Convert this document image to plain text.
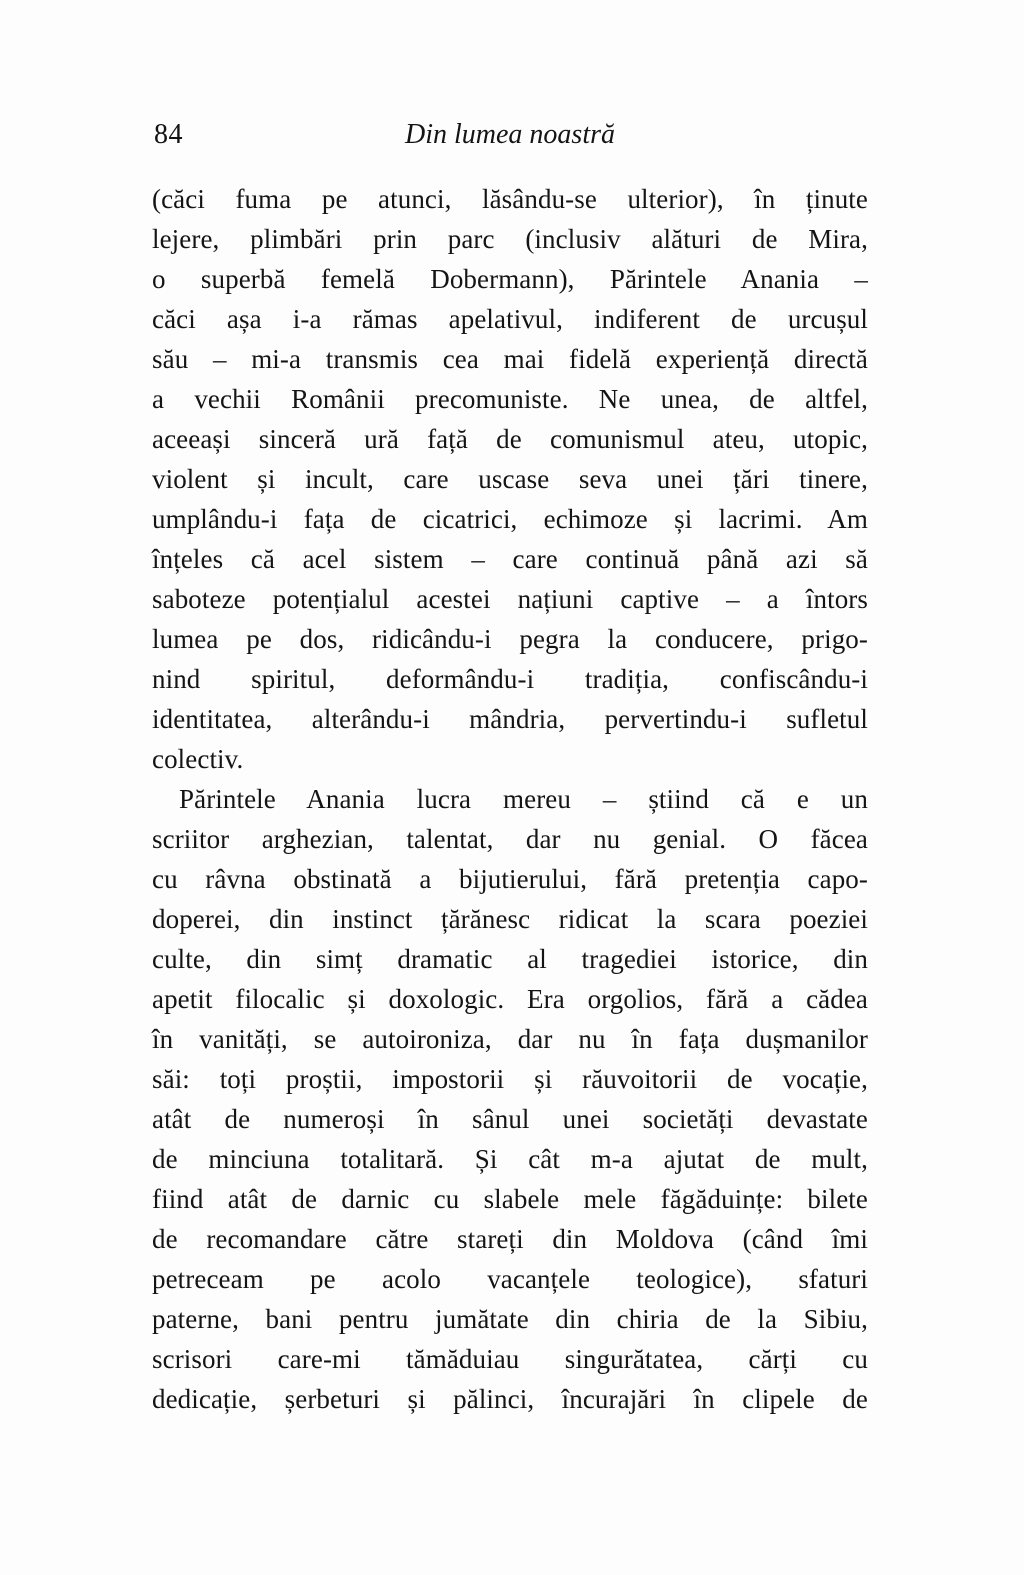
84	Din lumea noastră
(căci fuma pe atunci, lăsându-se ulterior), în ținute
lejere, plimbări prin parc (inclusiv alături de Mira,
o superbă femelă Dobermann), Părintele Anania –
căci așa i-a rămas apelativul, indiferent de urcușul
său – mi-a transmis cea mai fidelă experiență directă
a vechii Românii precomuniste. Ne unea, de altfel,
aceeași sinceră ură față de comunismul ateu, utopic,
violent și incult, care uscase seva unei țări tinere,
umplându-i fața de cicatrici, echimoze și lacrimi. Am
înțeles că acel sistem – care continuă până azi să
saboteze potențialul acestei națiuni captive – a întors
lumea pe dos, ridicându-i pegra la conducere, prigo-
nind spiritul, deformându-i tradiția, confiscându-i
identitatea, alterându-i mândria, pervertindu-i sufletul
colectiv.
Părintele Anania lucra mereu – știind că e un
scriitor arghezian, talentat, dar nu genial. O făcea
cu râvna obstinată a bijutierului, fără pretenția capo-
doperei, din instinct țărănesc ridicat la scara poeziei
culte, din simț dramatic al tragediei istorice, din
apetit filocalic și doxologic. Era orgolios, fără a cădea
în vanități, se autoironiza, dar nu în fața dușmanilor
săi: toți proștii, impostorii și răuvoitorii de vocație,
atât de numeroși în sânul unei societăți devastate
de minciuna totalitară. Și cât m-a ajutat de mult,
fiind atât de darnic cu slabele mele făgăduințe: bilete
de recomandare către stareți din Moldova (când îmi
petreceam pe acolo vacanțele teologice), sfaturi
paterne, bani pentru jumătate din chiria de la Sibiu,
scrisori care-mi tămăduiau singurătatea, cărți cu
dedicație, șerbeturi și pălinci, încurajări în clipele de
